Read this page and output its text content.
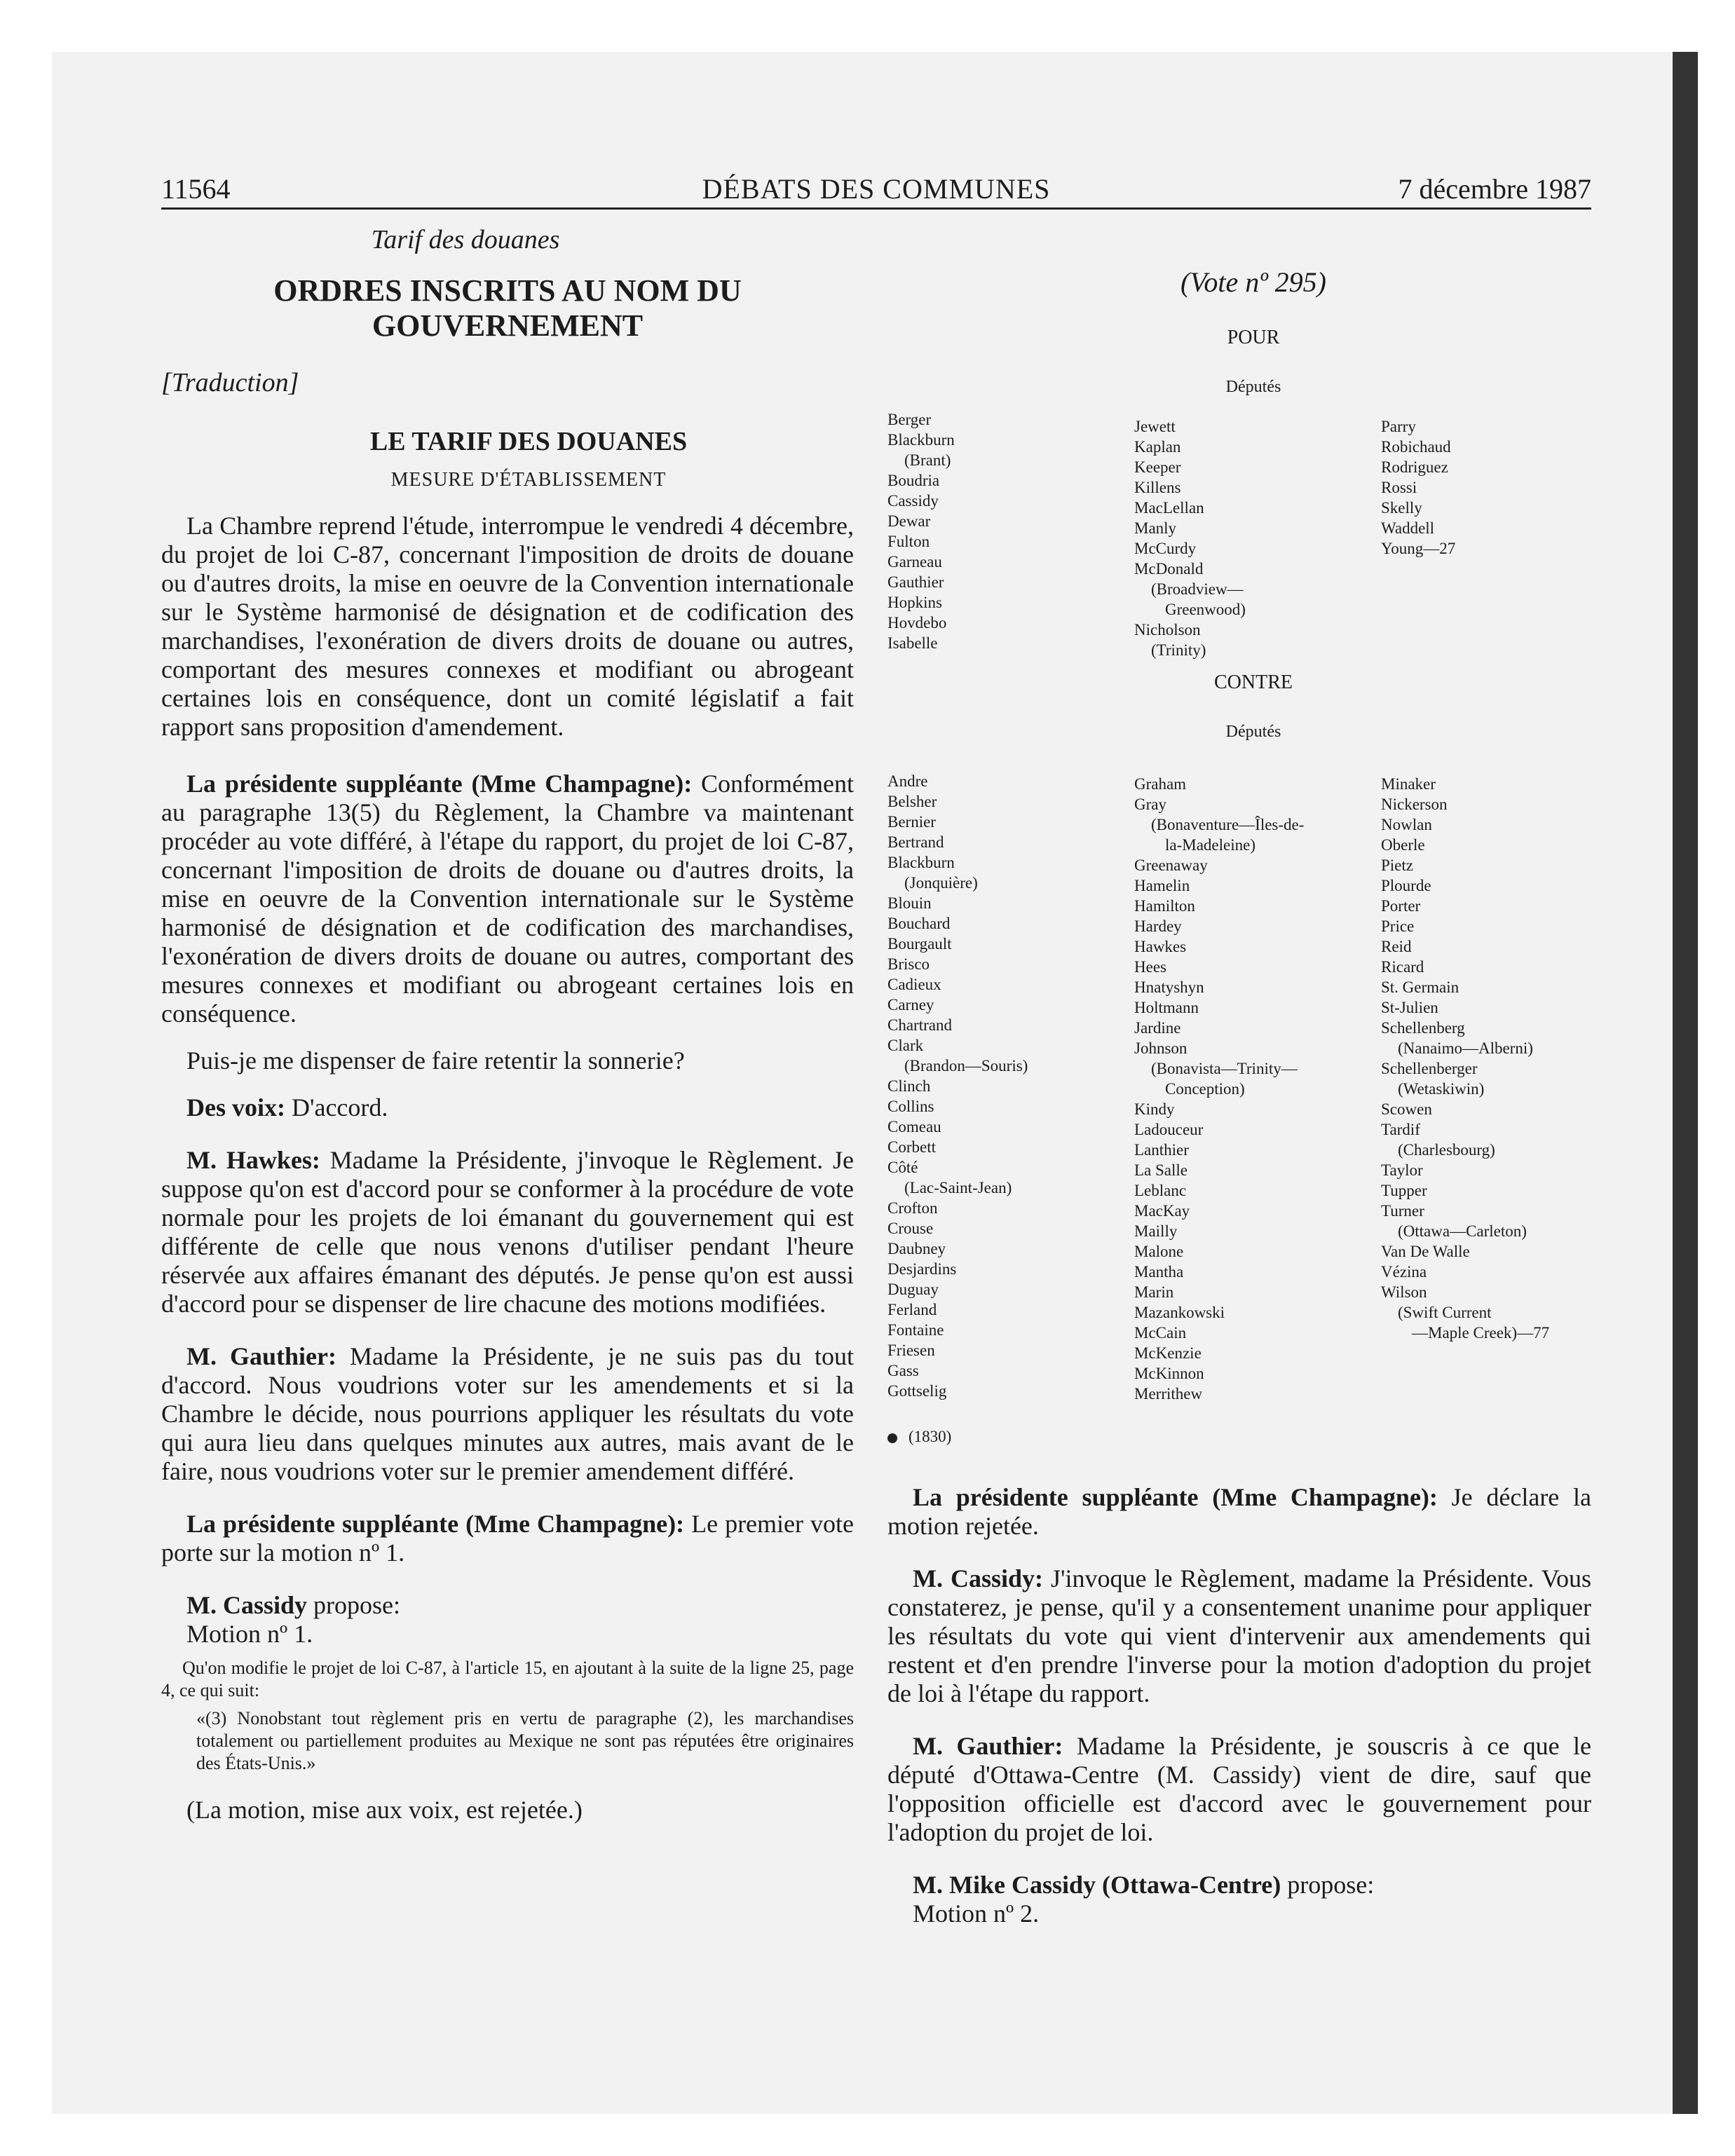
11564	DÉBATS DES COMMUNES	7 décembre 1987

Tarif des douanes

ORDRES INSCRITS AU NOM DU
GOUVERNEMENT

[Traduction]

LE TARIF DES DOUANES

MESURE D'ÉTABLISSEMENT

La Chambre reprend l'étude, interrompue le vendredi 4 décembre, du projet de loi C-87, concernant l'imposition de droits de douane ou d'autres droits, la mise en oeuvre de la Convention internationale sur le Système harmonisé de désignation et de codification des marchandises, l'exonération de divers droits de douane ou autres, comportant des mesures connexes et modifiant ou abrogeant certaines lois en conséquence, dont un comité législatif a fait rapport sans proposition d'amendement.

La présidente suppléante (Mme Champagne): Conformément au paragraphe 13(5) du Règlement, la Chambre va maintenant procéder au vote différé, à l'étape du rapport, du projet de loi C-87, concernant l'imposition de droits de douane ou d'autres droits, la mise en oeuvre de la Convention internationale sur le Système harmonisé de désignation et de codification des marchandises, l'exonération de divers droits de douane ou autres, comportant des mesures connexes et modifiant ou abrogeant certaines lois en conséquence.

Puis-je me dispenser de faire retentir la sonnerie?

Des voix: D'accord.

M. Hawkes: Madame la Présidente, j'invoque le Règlement. Je suppose qu'on est d'accord pour se conformer à la procédure de vote normale pour les projets de loi émanant du gouvernement qui est différente de celle que nous venons d'utiliser pendant l'heure réservée aux affaires émanant des députés. Je pense qu'on est aussi d'accord pour se dispenser de lire chacune des motions modifiées.

M. Gauthier: Madame la Présidente, je ne suis pas du tout d'accord. Nous voudrions voter sur les amendements et si la Chambre le décide, nous pourrions appliquer les résultats du vote qui aura lieu dans quelques minutes aux autres, mais avant de le faire, nous voudrions voter sur le premier amendement différé.

La présidente suppléante (Mme Champagne): Le premier vote porte sur la motion nº 1.

M. Cassidy propose:

Motion nº 1.

Qu'on modifie le projet de loi C-87, à l'article 15, en ajoutant à la suite de la ligne 25, page 4, ce qui suit:

«(3) Nonobstant tout règlement pris en vertu de paragraphe (2), les marchandises totalement ou partiellement produites au Mexique ne sont pas réputées être originaires des États-Unis.»

(La motion, mise aux voix, est rejetée.)

(Vote nº 295)

POUR

Députés

Berger
Blackburn
(Brant)
Boudria
Cassidy
Dewar
Fulton
Garneau
Gauthier
Hopkins
Hovdebo
Isabelle
Jewett
Kaplan
Keeper
Killens
MacLellan
Manly
McCurdy
McDonald
(Broadview—
Greenwood)
Nicholson
(Trinity)
Parry
Robichaud
Rodriguez
Rossi
Skelly
Waddell
Young—27

CONTRE

Députés

Andre
Belsher
Bernier
Bertrand
Blackburn
(Jonquière)
Blouin
Bouchard
Bourgault
Brisco
Cadieux
Carney
Chartrand
Clark
(Brandon—Souris)
Clinch
Collins
Comeau
Corbett
Côté
(Lac-Saint-Jean)
Crofton
Crouse
Daubney
Desjardins
Duguay
Ferland
Fontaine
Friesen
Gass
Gottselig
Graham
Gray
(Bonaventure—Îles-de-
la-Madeleine)
Greenaway
Hamelin
Hamilton
Hardey
Hawkes
Hees
Hnatyshyn
Holtmann
Jardine
Johnson
(Bonavista—Trinity—
Conception)
Kindy
Ladouceur
Lanthier
La Salle
Leblanc
MacKay
Mailly
Malone
Mantha
Marin
Mazankowski
McCain
McKenzie
McKinnon
Merrithew
Minaker
Nickerson
Nowlan
Oberle
Pietz
Plourde
Porter
Price
Reid
Ricard
St. Germain
St-Julien
Schellenberg
(Nanaimo—Alberni)
Schellenberger
(Wetaskiwin)
Scowen
Tardif
(Charlesbourg)
Taylor
Tupper
Turner
(Ottawa—Carleton)
Van De Walle
Vézina
Wilson
(Swift Current
—Maple Creek)—77
(1830)

La présidente suppléante (Mme Champagne): Je déclare la motion rejetée.

M. Cassidy: J'invoque le Règlement, madame la Présidente. Vous constaterez, je pense, qu'il y a consentement unanime pour appliquer les résultats du vote qui vient d'intervenir aux amendements qui restent et d'en prendre l'inverse pour la motion d'adoption du projet de loi à l'étape du rapport.

M. Gauthier: Madame la Présidente, je souscris à ce que le député d'Ottawa-Centre (M. Cassidy) vient de dire, sauf que l'opposition officielle est d'accord avec le gouvernement pour l'adoption du projet de loi.

M. Mike Cassidy (Ottawa-Centre) propose:

Motion nº 2.
